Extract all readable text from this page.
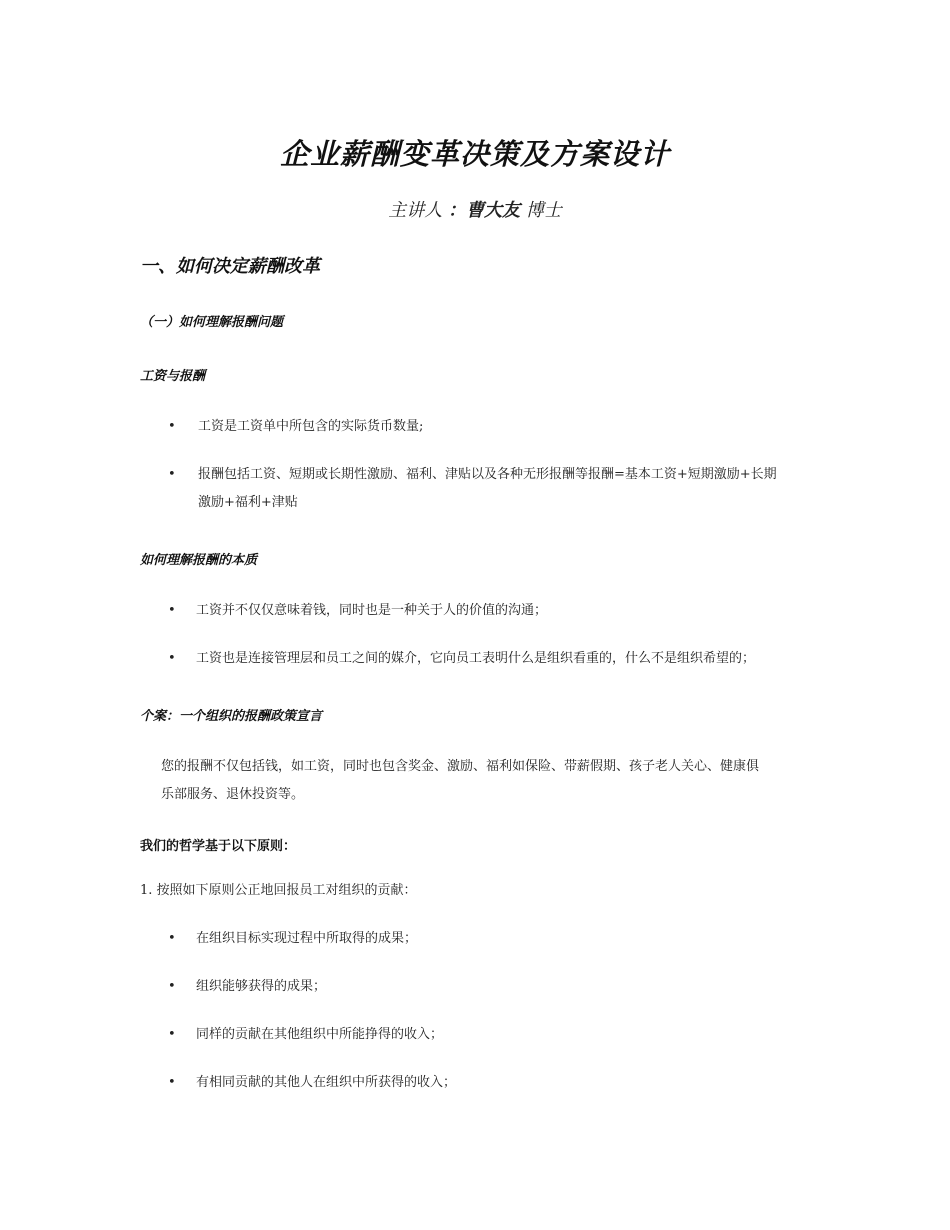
企业薪酬变革决策及方案设计
主讲人 ：曹大友 博士
一、如何决定薪酬改革
（一）如何理解报酬问题
工资与报酬
•	工资是工资单中所包含的实际货币数量;
•	报酬包括工资、短期或长期性激励、福利、津贴以及各种无形报酬等报酬=基本工资+短期激励+长期
激励+福利+津贴
如何理解报酬的本质
•	工资并不仅仅意味着钱，同时也是一种关于人的价值的沟通；
•	工资也是连接管理层和员工之间的媒介，它向员工表明什么是组织看重的，什么不是组织希望的；
个案：一个组织的报酬政策宣言
您的报酬不仅包括钱，如工资，同时也包含奖金、激励、福利如保险、带薪假期、孩子老人关心、健康俱
乐部服务、退休投资等。
我们的哲学基于以下原则：
1. 按照如下原则公正地回报员工对组织的贡献：
•	在组织目标实现过程中所取得的成果；
•	组织能够获得的成果；
•	同样的贡献在其他组织中所能挣得的收入；
•	有相同贡献的其他人在组织中所获得的收入；
